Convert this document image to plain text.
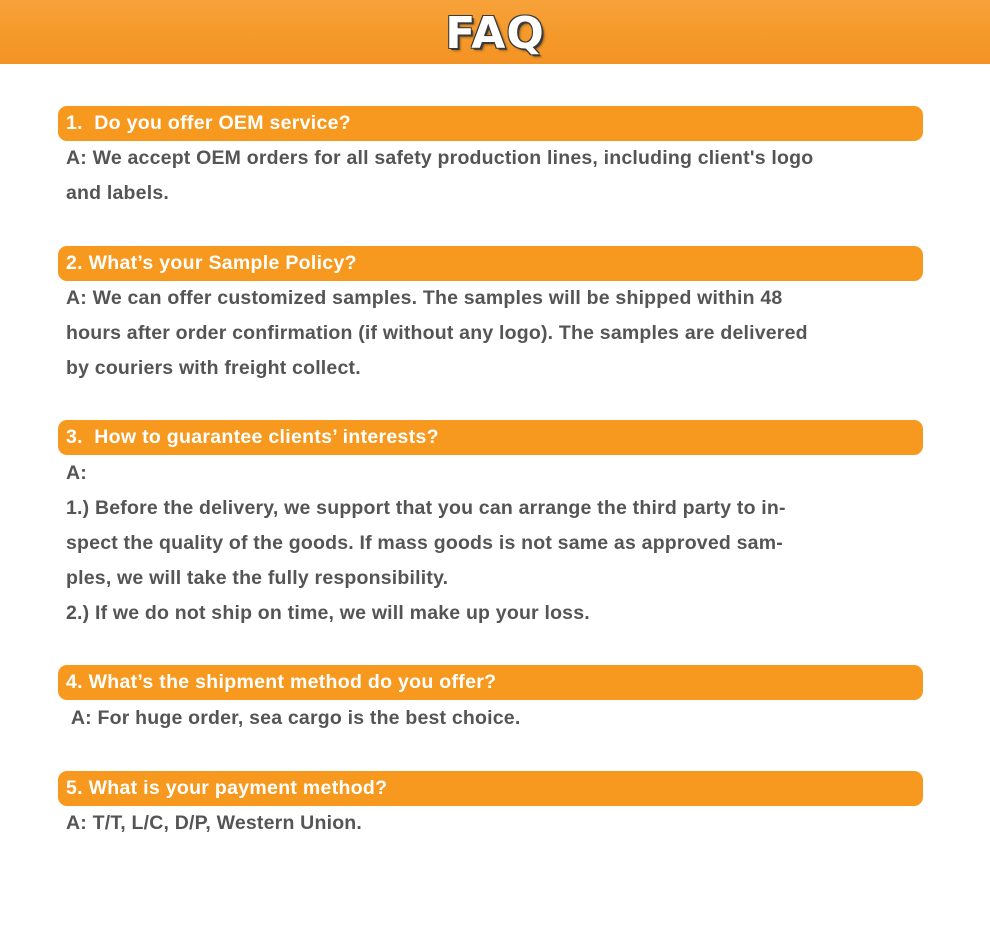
FAQ
1.  Do you offer OEM service?
A: We accept OEM orders for all safety production lines, including client's logo
and labels.
2. What’s your Sample Policy?
A: We can offer customized samples. The samples will be shipped within 48
hours after order confirmation (if without any logo). The samples are delivered
by couriers with freight collect.
3.  How to guarantee clients’ interests?
A:
1.) Before the delivery, we support that you can arrange the third party to in-
spect the quality of the goods. If mass goods is not same as approved sam-
ples, we will take the fully responsibility.
2.) If we do not ship on time, we will make up your loss.
4. What’s the shipment method do you offer?
A: For huge order, sea cargo is the best choice.
5. What is your payment method?
A: T/T, L/C, D/P, Western Union.
